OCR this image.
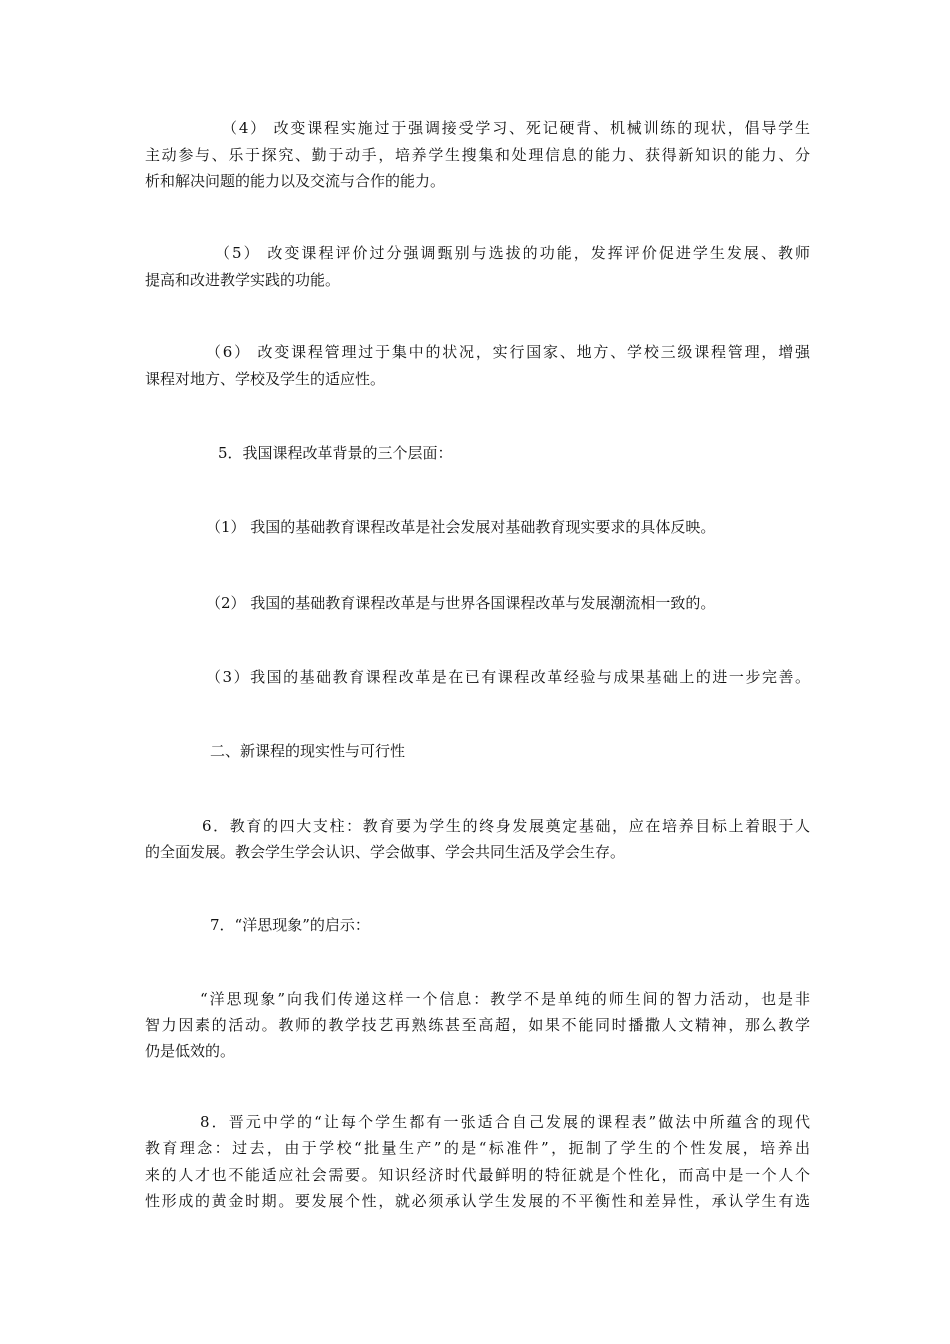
（4） 改变课程实施过于强调接受学习、死记硬背、机械训练的现状，倡导学生
主动参与、乐于探究、勤于动手，培养学生搜集和处理信息的能力、获得新知识的能力、分
析和解决问题的能力以及交流与合作的能力。
（5） 改变课程评价过分强调甄别与选拔的功能，发挥评价促进学生发展、教师
提高和改进教学实践的功能。
（6） 改变课程管理过于集中的状况，实行国家、地方、学校三级课程管理，增强
课程对地方、学校及学生的适应性。
5．我国课程改革背景的三个层面：
（1） 我国的基础教育课程改革是社会发展对基础教育现实要求的具体反映。
（2） 我国的基础教育课程改革是与世界各国课程改革与发展潮流相一致的。
（3）我国的基础教育课程改革是在已有课程改革经验与成果基础上的进一步完善。
二、新课程的现实性与可行性
6．教育的四大支柱：教育要为学生的终身发展奠定基础，应在培养目标上着眼于人
的全面发展。教会学生学会认识、学会做事、学会共同生活及学会生存。
7．“洋思现象”的启示：
“洋思现象”向我们传递这样一个信息：教学不是单纯的师生间的智力活动，也是非
智力因素的活动。教师的教学技艺再熟练甚至高超，如果不能同时播撒人文精神，那么教学
仍是低效的。
8．晋元中学的“让每个学生都有一张适合自己发展的课程表”做法中所蕴含的现代
教育理念：过去，由于学校“批量生产”的是“标准件”，扼制了学生的个性发展，培养出
来的人才也不能适应社会需要。知识经济时代最鲜明的特征就是个性化，而高中是一个人个
性形成的黄金时期。要发展个性，就必须承认学生发展的不平衡性和差异性，承认学生有选
